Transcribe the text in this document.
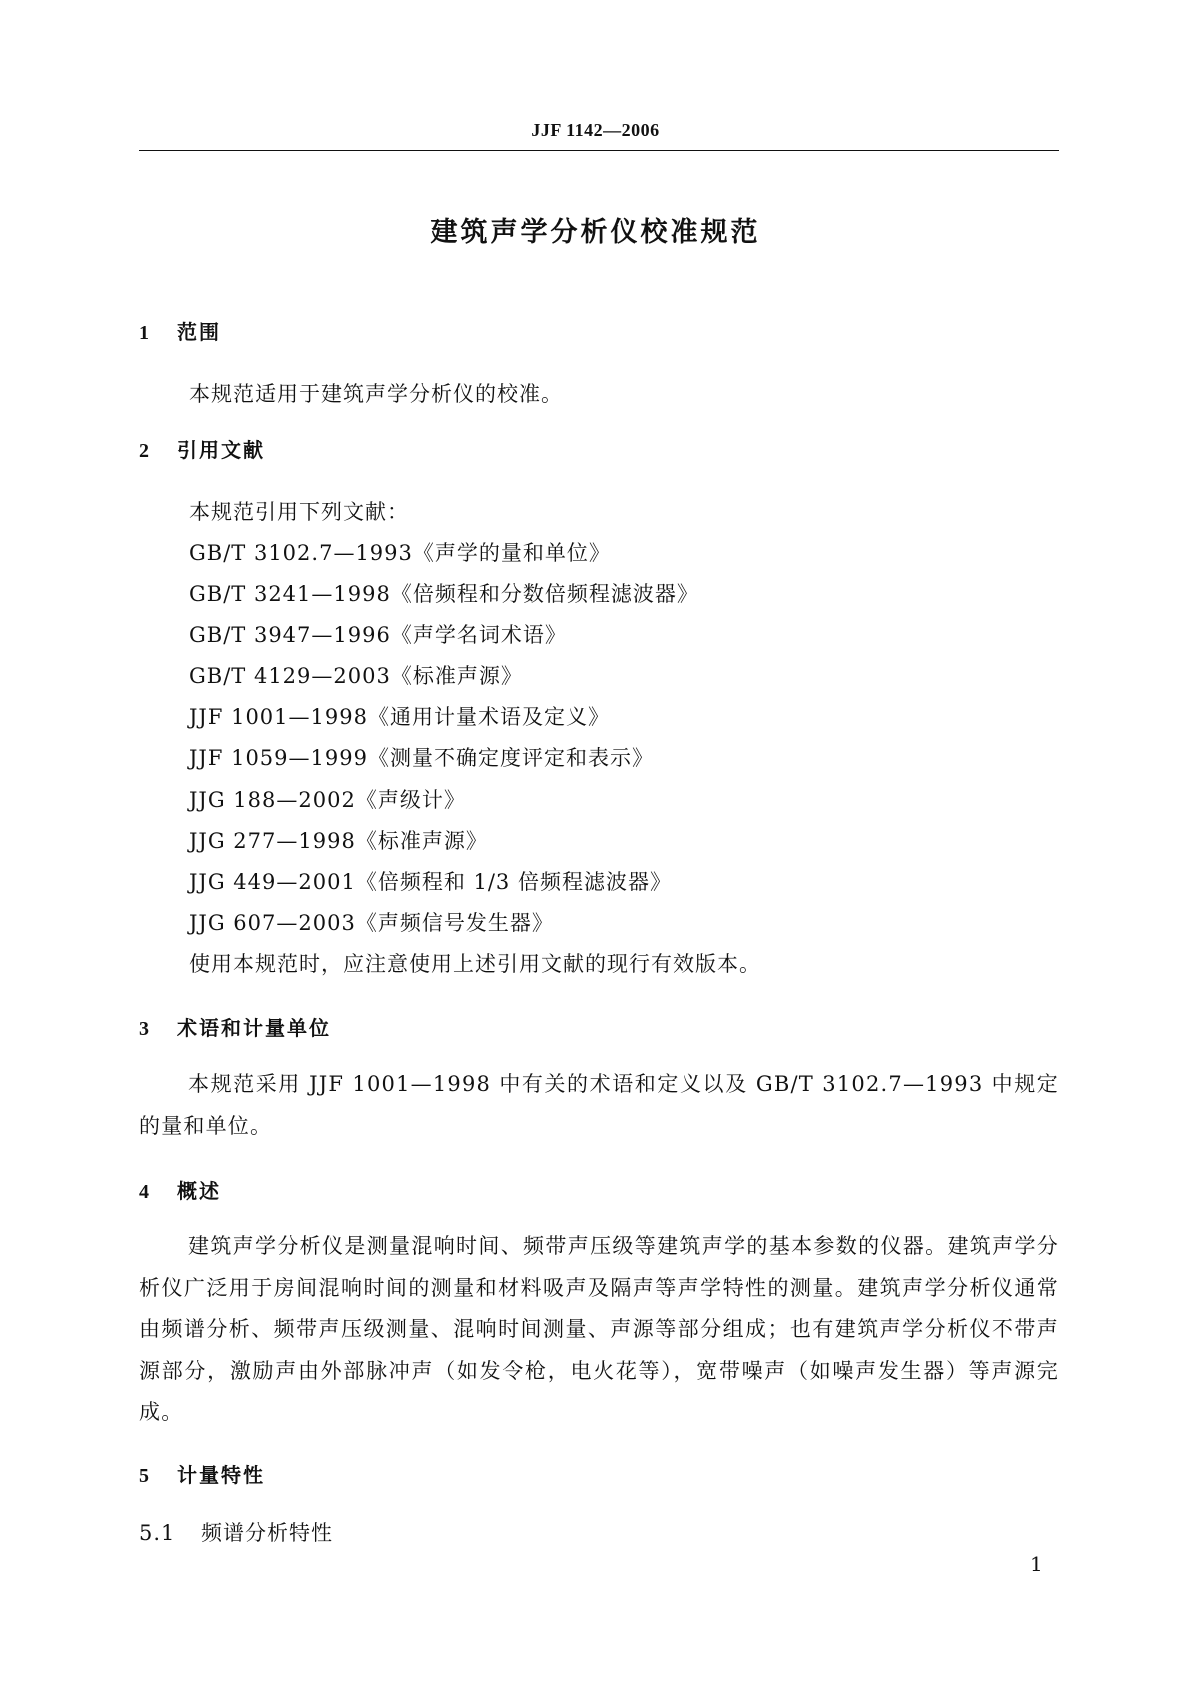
JJF 1142—2006
建筑声学分析仪校准规范
1 范围
本规范适用于建筑声学分析仪的校准。
2 引用文献
本规范引用下列文献：
GB/T 3102.7—1993《声学的量和单位》
GB/T 3241—1998《倍频程和分数倍频程滤波器》
GB/T 3947—1996《声学名词术语》
GB/T 4129—2003《标准声源》
JJF 1001—1998《通用计量术语及定义》
JJF 1059—1999《测量不确定度评定和表示》
JJG 188—2002《声级计》
JJG 277—1998《标准声源》
JJG 449—2001《倍频程和 1/3 倍频程滤波器》
JJG 607—2003《声频信号发生器》
使用本规范时，应注意使用上述引用文献的现行有效版本。
3 术语和计量单位
本规范采用 JJF 1001—1998 中有关的术语和定义以及 GB/T 3102.7—1993 中规定的量和单位。
4 概述
建筑声学分析仪是测量混响时间、频带声压级等建筑声学的基本参数的仪器。建筑声学分析仪广泛用于房间混响时间的测量和材料吸声及隔声等声学特性的测量。建筑声学分析仪通常由频谱分析、频带声压级测量、混响时间测量、声源等部分组成；也有建筑声学分析仪不带声源部分，激励声由外部脉冲声（如发令枪，电火花等），宽带噪声（如噪声发生器）等声源完成。
5 计量特性
5.1 频谱分析特性
1
